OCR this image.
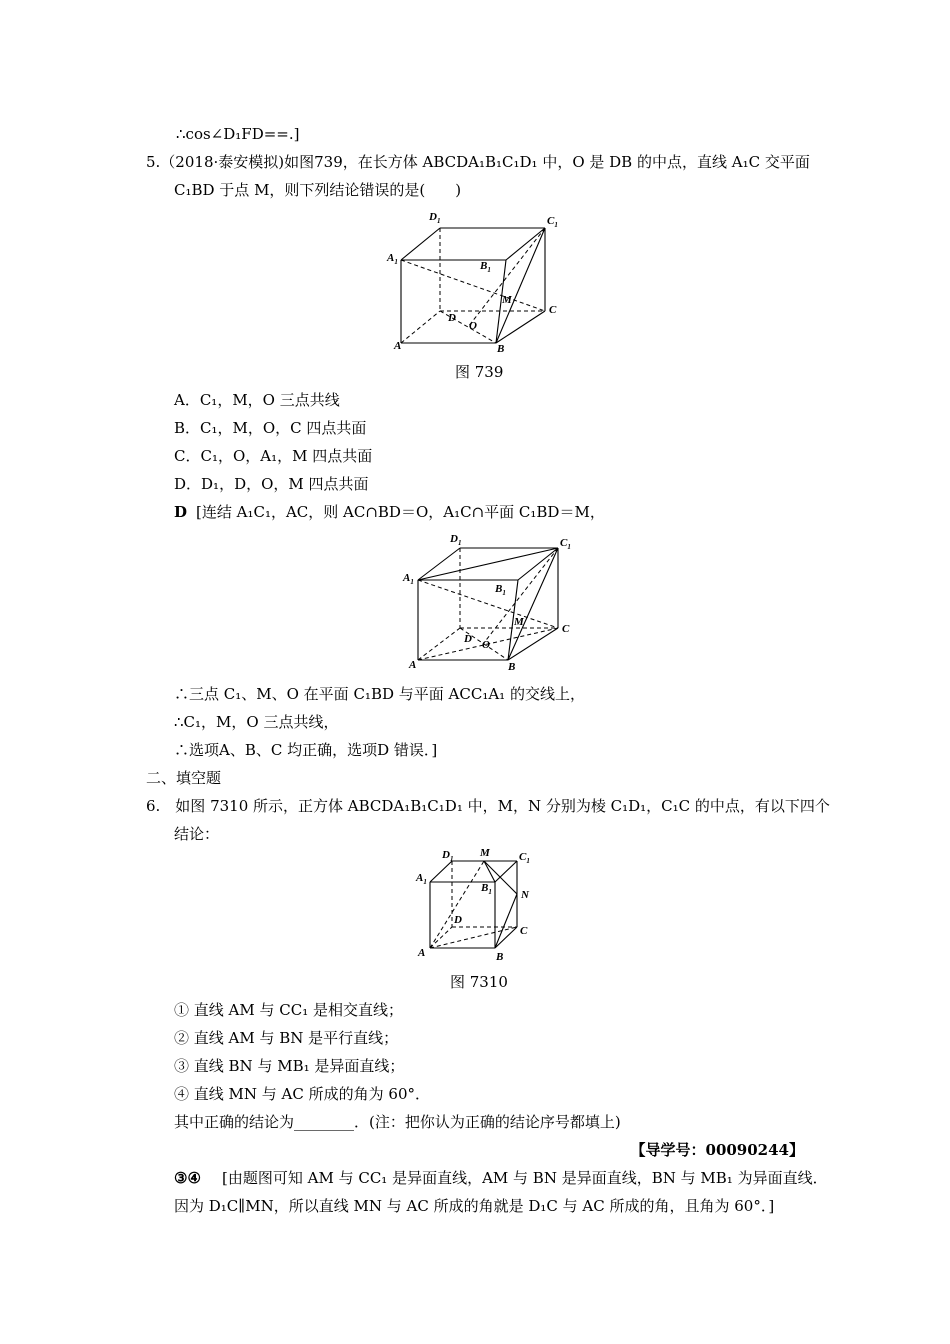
∴cos∠D₁FD==.]
5.（2018·泰安模拟)如图739，在长方体 ABCDA₁B₁C₁D₁ 中，O 是 DB 的中点，直线 A₁C 交平面
C₁BD 于点 M，则下列结论错误的是(　　)
$D_1$	$C_1$
$A_1$	$B_1$
M
C
D
O
A	B
图 739
A．C₁，M，O 三点共线
B．C₁，M，O，C 四点共面
C．C₁，O，A₁，M 四点共面
D．D₁，D，O，M 四点共面
D [连结 A₁C₁，AC，则 AC∩BD＝O，A₁C∩平面 C₁BD＝M，
$D_1$	$C_1$
$A_1$
$B_1$
M
C
D O
A	B
∴三点 C₁、M、O 在平面 C₁BD 与平面 ACC₁A₁ 的交线上，
∴C₁，M，O 三点共线，
∴选项A、B、C 均正确，选项D 错误．]
二、填空题
6.　如图 7310 所示，正方体 ABCDA₁B₁C₁D₁ 中，M，N 分别为棱 C₁D₁，C₁C 的中点，有以下四个
结论：
$D_1$ M	$C_1$
$A_1$	$B_1$	N
D
C
A	B
图 7310
① 直线 AM 与 CC₁ 是相交直线；
② 直线 AM 与 BN 是平行直线；
③ 直线 BN 与 MB₁ 是异面直线；
④ 直线 MN 与 AC 所成的角为 60°．
其中正确的结论为________．(注：把你认为正确的结论序号都填上)
【导学号：00090244】
③④ [由题图可知 AM 与 CC₁ 是异面直线，AM 与 BN 是异面直线，BN 与 MB₁ 为异面直线．
因为 D₁C∥MN，所以直线 MN 与 AC 所成的角就是 D₁C 与 AC 所成的角，且角为 60°．]
